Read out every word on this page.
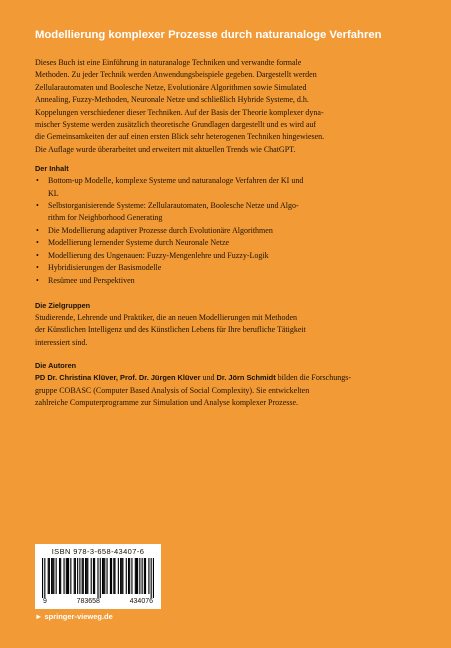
Modellierung komplexer Prozesse durch naturanaloge Verfahren

Dieses Buch ist eine Einführung in naturanaloge Techniken und verwandte formale
Methoden. Zu jeder Technik werden Anwendungsbeispiele gegeben. Dargestellt werden
Zellularautomaten und Boolesche Netze, Evolutionäre Algorithmen sowie Simulated
Annealing, Fuzzy-Methoden, Neuronale Netze und schließlich Hybride Systeme, d.h.
Koppelungen verschiedener dieser Techniken. Auf der Basis der Theorie komplexer dyna-
mischer Systeme werden zusätzlich theoretische Grundlagen dargestellt und es wird auf
die Gemeinsamkeiten der auf einen ersten Blick sehr heterogenen Techniken hingewiesen.
Die Auflage wurde überarbeitet und erweitert mit aktuellen Trends wie ChatGPT.

Der Inhalt
• Bottom-up Modelle, komplexe Systeme und naturanaloge Verfahren der KI und
KL
• Selbstorganisierende Systeme: Zellularautomaten, Boolesche Netze und Algo-
rithm for Neighborhood Generating
• Die Modellierung adaptiver Prozesse durch Evolutionäre Algorithmen
• Modellierung lernender Systeme durch Neuronale Netze
• Modellierung des Ungenauen: Fuzzy-Mengenlehre und Fuzzy-Logik
• Hybridisierungen der Basismodelle
• Resümee und Perspektiven
Die Zielgruppen

Studierende, Lehrende und Praktiker, die an neuen Modellierungen mit Methoden
der Künstlichen Intelligenz und des Künstlichen Lebens für Ihre berufliche Tätigkeit
interessiert sind.

Die Autoren

PD Dr. Christina Klüver, Prof. Dr. Jürgen Klüver und Dr. Jörn Schmidt bilden die Forschungs-
gruppe COBASC (Computer Based Analysis of Social Complexity). Sie entwickelten
zahlreiche Computerprogramme zur Simulation und Analyse komplexer Prozesse.

ISBN 978-3-658-43407-6
9	783658	434076
► springer-vieweg.de
